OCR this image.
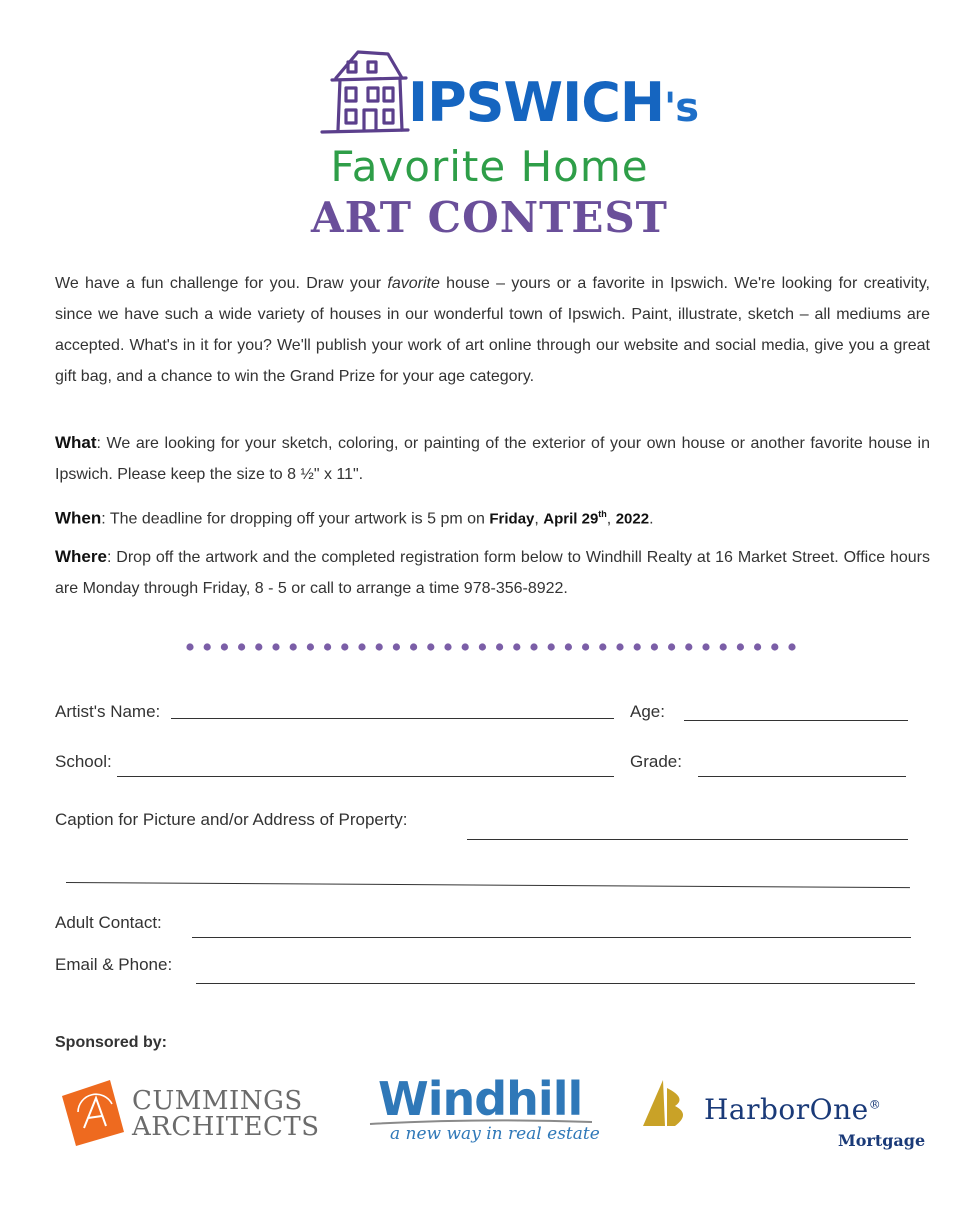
IPSWICH's
Favorite Home
ART CONTEST
We have a fun challenge for you. Draw your favorite house – yours or a favorite in Ipswich. We're looking for creativity, since we have such a wide variety of houses in our wonderful town of Ipswich. Paint, illustrate, sketch – all mediums are accepted. What's in it for you? We'll publish your work of art online through our website and social media, give you a great gift bag, and a chance to win the Grand Prize for your age category.
What: We are looking for your sketch, coloring, or painting of the exterior of your own house or another favorite house in Ipswich. Please keep the size to 8 ½" x 11".
When: The deadline for dropping off your artwork is 5 pm on Friday, April 29th, 2022.
Where: Drop off the artwork and the completed registration form below to Windhill Realty at 16 Market Street. Office hours are Monday through Friday, 8 - 5 or call to arrange a time 978-356-8922.
Artist's Name:	Age:
School:	Grade:
Caption for Picture and/or Address of Property:
Adult Contact:
Email & Phone:
Sponsored by:
CUMMINGS
ARCHITECTS
Windhill
a new way in real estate
HarborOne®
Mortgage
